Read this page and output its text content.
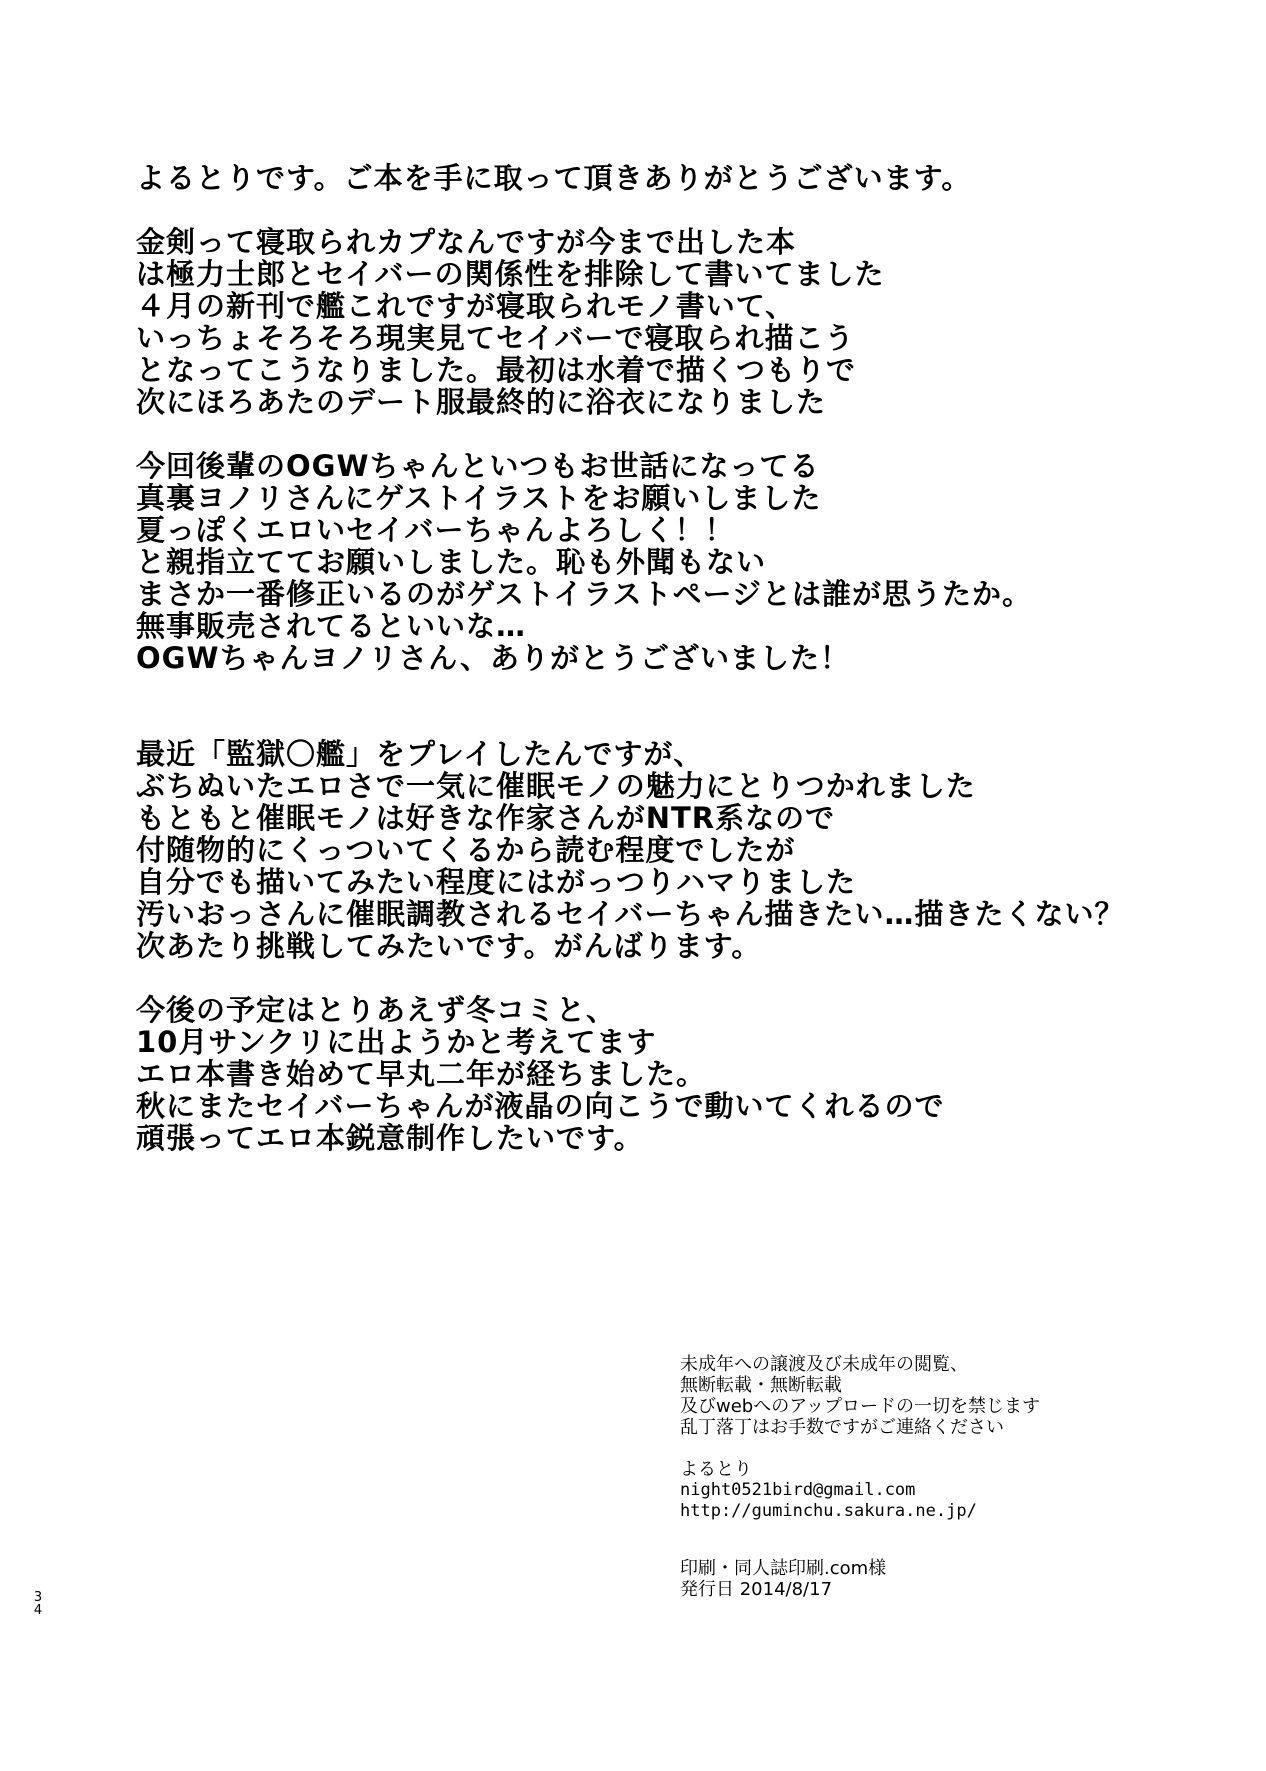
よるとりです。ご本を手に取って頂きありがとうございます。
金剣って寝取られカプなんですが今まで出した本
は極力士郎とセイバーの関係性を排除して書いてました
４月の新刊で艦これですが寝取られモノ書いて、
いっちょそろそろ現実見てセイバーで寝取られ描こう
となってこうなりました。最初は水着で描くつもりで
次にほろあたのデート服最終的に浴衣になりました
今回後輩のOGWちゃんといつもお世話になってる
真裏ヨノリさんにゲストイラストをお願いしました
夏っぽくエロいセイバーちゃんよろしく！！
と親指立ててお願いしました。恥も外聞もない
まさか一番修正いるのがゲストイラストページとは誰が思うたか。
無事販売されてるといいな…
OGWちゃんヨノリさん、ありがとうございました！
最近「監獄〇艦」をプレイしたんですが、
ぶちぬいたエロさで一気に催眠モノの魅力にとりつかれました
もともと催眠モノは好きな作家さんがNTR系なので
付随物的にくっついてくるから読む程度でしたが
自分でも描いてみたい程度にはがっつりハマりました
汚いおっさんに催眠調教されるセイバーちゃん描きたい…描きたくない？
次あたり挑戦してみたいです。がんばります。
今後の予定はとりあえず冬コミと、
10月サンクリに出ようかと考えてます
エロ本書き始めて早丸二年が経ちました。
秋にまたセイバーちゃんが液晶の向こうで動いてくれるので
頑張ってエロ本鋭意制作したいです。
未成年への譲渡及び未成年の閲覧、
無断転載・無断転載
及びwebへのアップロードの一切を禁じます
乱丁落丁はお手数ですがご連絡ください
よるとり
night0521bird@gmail.com
http://guminchu.sakura.ne.jp/
印刷・同人誌印刷.com様
発行日 2014/8/17
34
